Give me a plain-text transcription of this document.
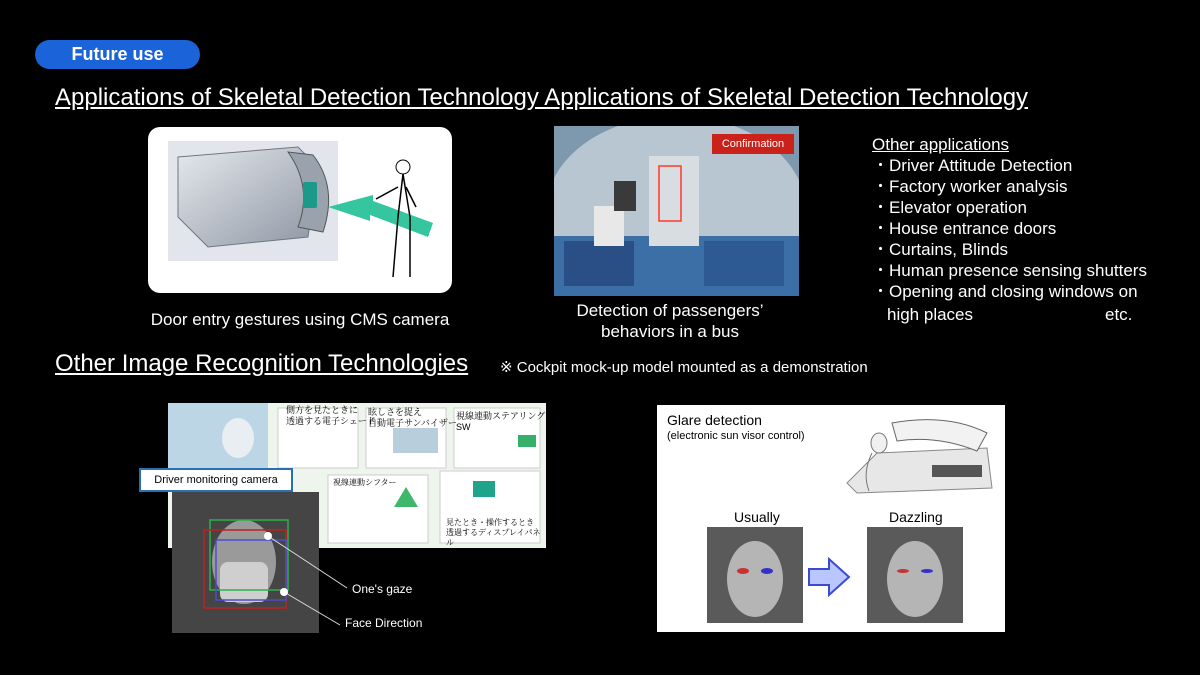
Future use
Applications of Skeletal Detection Technology Applications of Skeletal Detection Technology
Door entry gestures using CMS camera
Confirmation
Detection of passengers’
behaviors in a bus
Other applications
・Driver Attitude Detection
・Factory worker analysis
・Elevator operation
・House entrance doors
・Curtains, Blinds
・Human presence sensing shutters
・Opening and closing windows on
high places	etc.
Other Image Recognition Technologies ※ Cockpit mock-up model mounted as a demonstration
側方を見たときに
透過する電子シェード
眩しさを捉え
自動電子サンバイザー
視線連動ステアリングSW
視線連動シフター
見たとき・操作するとき
透過するディスプレイパネル
Driver monitoring camera
One's gaze
Face Direction
Glare detection
(electronic sun visor control)
Usually	Dazzling
